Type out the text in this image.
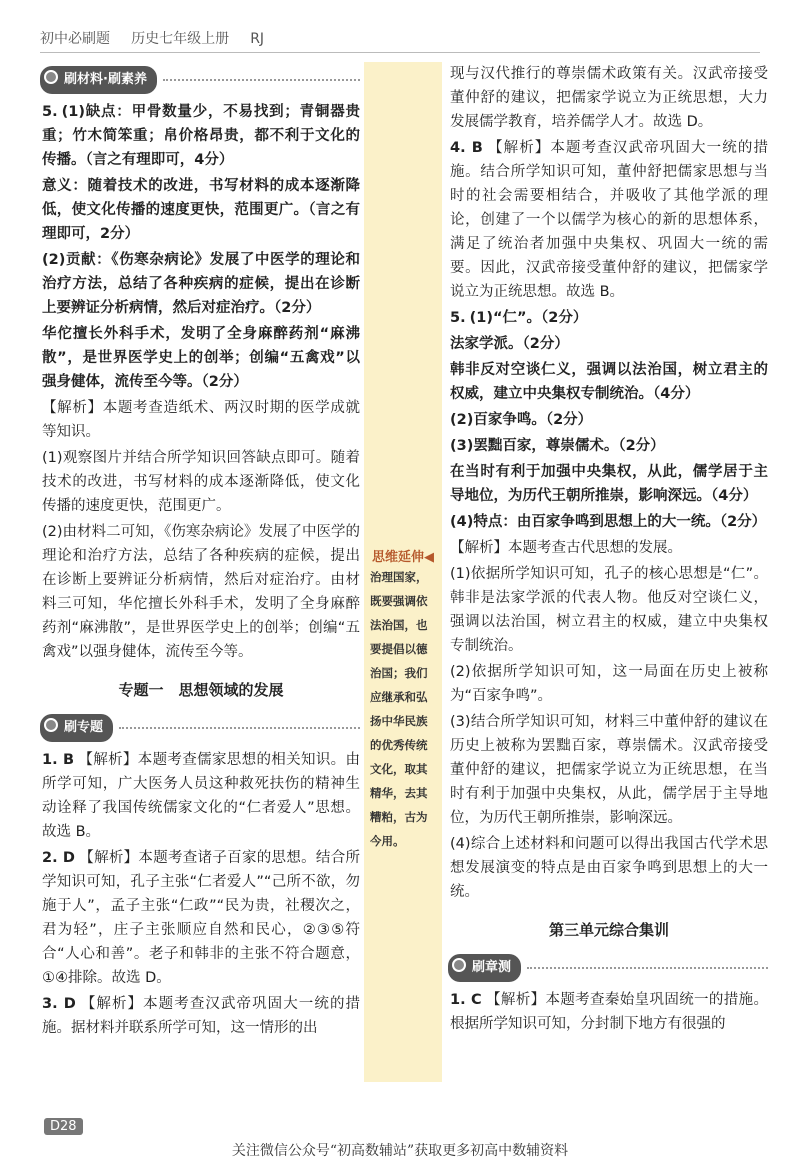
初中必刷题 历史七年级上册 RJ
思维延伸◀
治理国家，既要强调依法治国，也要提倡以德治国；我们应继承和弘扬中华民族的优秀传统文化，取其精华，去其糟粕，古为今用。
刷材料·刷素养

5. (1)缺点：甲骨数量少，不易找到；青铜器贵重；竹木简笨重；帛价格昂贵，都不利于文化的传播。（言之有理即可，4分）

意义：随着技术的改进，书写材料的成本逐渐降低，使文化传播的速度更快，范围更广。（言之有理即可，2分）

(2)贡献：《伤寒杂病论》发展了中医学的理论和治疗方法，总结了各种疾病的症候，提出在诊断上要辨证分析病情，然后对症治疗。（2分）

华佗擅长外科手术，发明了全身麻醉药剂“麻沸散”，是世界医学史上的创举；创编“五禽戏”以强身健体，流传至今等。（2分）

【解析】本题考查造纸术、两汉时期的医学成就等知识。

(1)观察图片并结合所学知识回答缺点即可。随着技术的改进，书写材料的成本逐渐降低，使文化传播的速度更快，范围更广。

(2)由材料二可知，《伤寒杂病论》发展了中医学的理论和治疗方法，总结了各种疾病的症候，提出在诊断上要辨证分析病情，然后对症治疗。由材料三可知，华佗擅长外科手术，发明了全身麻醉药剂“麻沸散”，是世界医学史上的创举；创编“五禽戏”以强身健体，流传至今等。

专题一　思想领域的发展
刷专题

1. B 【解析】本题考查儒家思想的相关知识。由所学可知，广大医务人员这种救死扶伤的精神生动诠释了我国传统儒家文化的“仁者爱人”思想。故选 B。

2. D 【解析】本题考查诸子百家的思想。结合所学知识可知，孔子主张“仁者爱人”“己所不欲，勿施于人”，孟子主张“仁政”“民为贵，社稷次之，君为轻”，庄子主张顺应自然和民心，②③⑤符合“人心和善”。老子和韩非的主张不符合题意，①④排除。故选 D。

3. D 【解析】本题考查汉武帝巩固大一统的措施。据材料并联系所学可知，这一情形的出

现与汉代推行的尊崇儒术政策有关。汉武帝接受董仲舒的建议，把儒家学说立为正统思想，大力发展儒学教育，培养儒学人才。故选 D。

4. B 【解析】本题考查汉武帝巩固大一统的措施。结合所学知识可知，董仲舒把儒家思想与当时的社会需要相结合，并吸收了其他学派的理论，创建了一个以儒学为核心的新的思想体系，满足了统治者加强中央集权、巩固大一统的需要。因此，汉武帝接受董仲舒的建议，把儒家学说立为正统思想。故选 B。

5. (1)“仁”。（2分）

法家学派。（2分）

韩非反对空谈仁义，强调以法治国，树立君主的权威，建立中央集权专制统治。（4分）

(2)百家争鸣。（2分）

(3)罢黜百家，尊崇儒术。（2分）

在当时有利于加强中央集权，从此，儒学居于主导地位，为历代王朝所推崇，影响深远。（4分）

(4)特点：由百家争鸣到思想上的大一统。（2分）

【解析】本题考查古代思想的发展。

(1)依据所学知识可知，孔子的核心思想是“仁”。韩非是法家学派的代表人物。他反对空谈仁义，强调以法治国，树立君主的权威，建立中央集权专制统治。

(2)依据所学知识可知，这一局面在历史上被称为“百家争鸣”。

(3)结合所学知识可知，材料三中董仲舒的建议在历史上被称为罢黜百家，尊崇儒术。汉武帝接受董仲舒的建议，把儒家学说立为正统思想，在当时有利于加强中央集权，从此，儒学居于主导地位，为历代王朝所推崇，影响深远。

(4)综合上述材料和问题可以得出我国古代学术思想发展演变的特点是由百家争鸣到思想上的大一统。

第三单元综合集训
刷章测

1. C 【解析】本题考查秦始皇巩固统一的措施。根据所学知识可知，分封制下地方有很强的

D28
关注微信公众号“初高数辅站”获取更多初高中数辅资料
